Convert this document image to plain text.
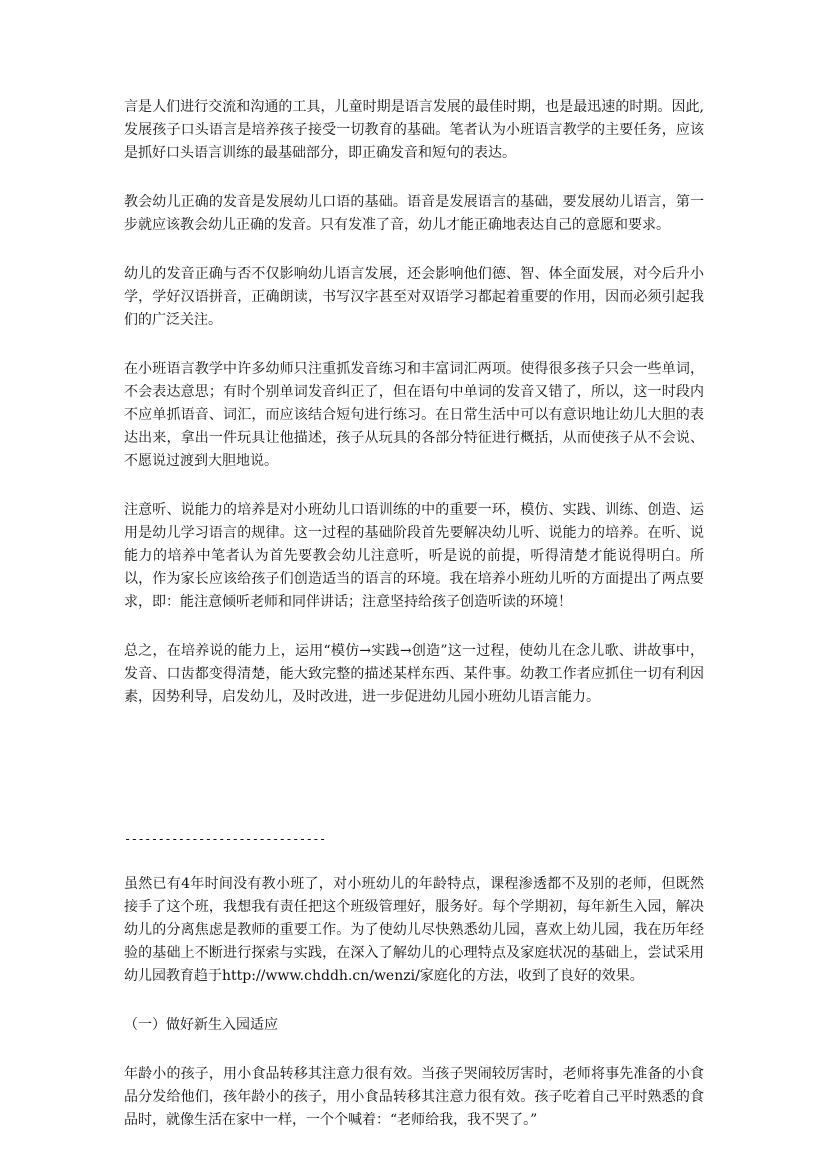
言是人们进行交流和沟通的工具，儿童时期是语言发展的最佳时期，也是最迅速的时期。因此,发展孩子口头语言是培养孩子接受一切教育的基础。笔者认为小班语言教学的主要任务，应该是抓好口头语言训练的最基础部分，即正确发音和短句的表达。

教会幼儿正确的发音是发展幼儿口语的基础。语音是发展语言的基础，要发展幼儿语言，第一步就应该教会幼儿正确的发音。只有发准了音，幼儿才能正确地表达自己的意愿和要求。

幼儿的发音正确与否不仅影响幼儿语言发展，还会影响他们德、智、体全面发展，对今后升小学，学好汉语拼音，正确朗读，书写汉字甚至对双语学习都起着重要的作用，因而必须引起我们的广泛关注。

在小班语言教学中许多幼师只注重抓发音练习和丰富词汇两项。使得很多孩子只会一些单词，不会表达意思；有时个别单词发音纠正了，但在语句中单词的发音又错了，所以，这一时段内不应单抓语音、词汇，而应该结合短句进行练习。在日常生活中可以有意识地让幼儿大胆的表达出来，拿出一件玩具让他描述，孩子从玩具的各部分特征进行概括，从而使孩子从不会说、不愿说过渡到大胆地说。

注意听、说能力的培养是对小班幼儿口语训练的中的重要一环，模仿、实践、训练、创造、运用是幼儿学习语言的规律。这一过程的基础阶段首先要解决幼儿听、说能力的培养。在听、说能力的培养中笔者认为首先要教会幼儿注意听，听是说的前提，听得清楚才能说得明白。所以，作为家长应该给孩子们创造适当的语言的环境。我在培养小班幼儿听的方面提出了两点要求，即：能注意倾听老师和同伴讲话；注意坚持给孩子创造听读的环境！

总之，在培养说的能力上，运用“模仿→实践→创造”这一过程，使幼儿在念儿歌、讲故事中，发音、口齿都变得清楚，能大致完整的描述某样东西、某件事。幼教工作者应抓住一切有利因素，因势利导，启发幼儿，及时改进，进一步促进幼儿园小班幼儿语言能力。

------------------------------

虽然已有4年时间没有教小班了，对小班幼儿的年龄特点，课程渗透都不及别的老师，但既然接手了这个班，我想我有责任把这个班级管理好，服务好。每个学期初，每年新生入园，解决幼儿的分离焦虑是教师的重要工作。为了使幼儿尽快熟悉幼儿园，喜欢上幼儿园，我在历年经验的基础上不断进行探索与实践，在深入了解幼儿的心理特点及家庭状况的基础上，尝试采用幼儿园教育趋于http://www.chddh.cn/wenzi/家庭化的方法，收到了良好的效果。

（一）做好新生入园适应

年龄小的孩子，用小食品转移其注意力很有效。当孩子哭闹较厉害时，老师将事先准备的小食品分发给他们，孩年龄小的孩子，用小食品转移其注意力很有效。孩子吃着自己平时熟悉的食品时，就像生活在家中一样，一个个喊着：“老师给我，我不哭了。”
